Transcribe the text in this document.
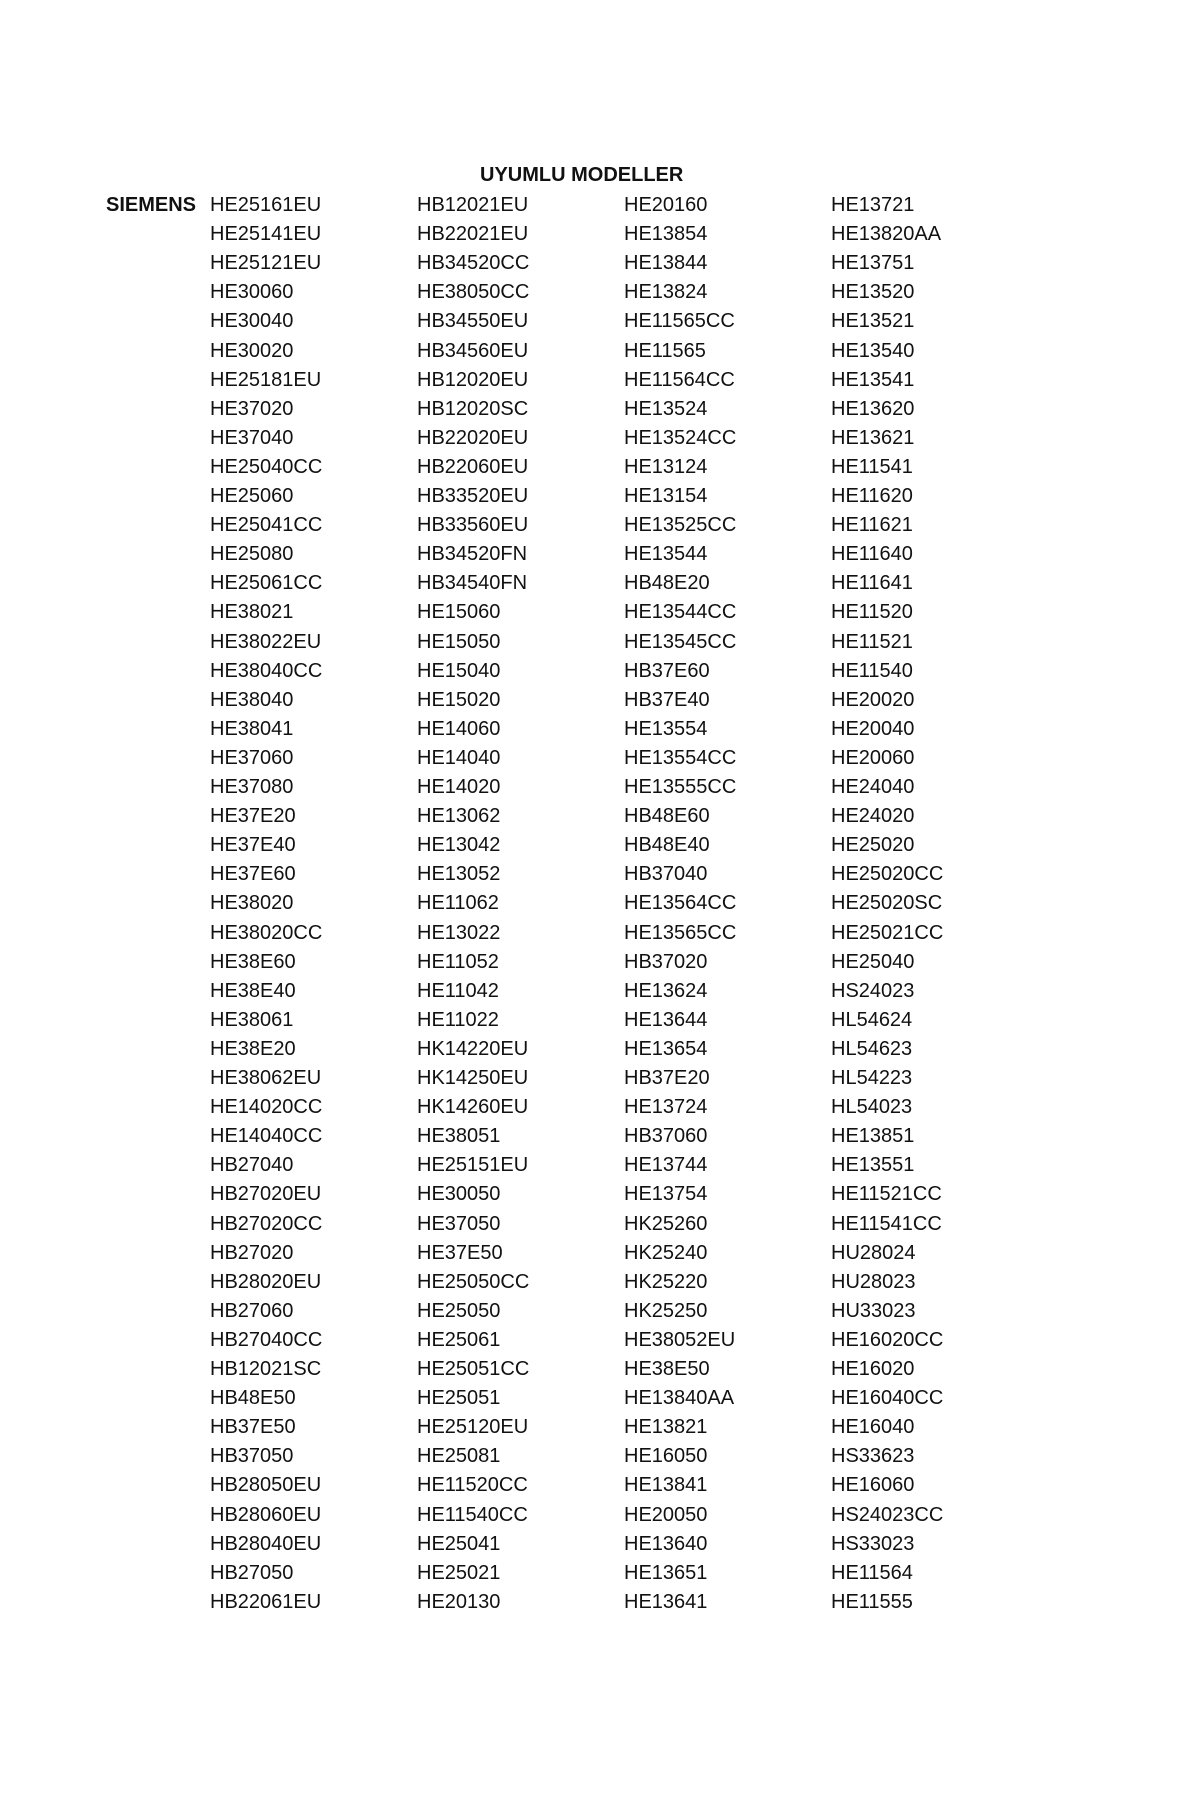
UYUMLU MODELLER
SIEMENS HE25161EU
HE25141EU
HE25121EU
HE30060
HE30040
HE30020
HE25181EU
HE37020
HE37040
HE25040CC
HE25060
HE25041CC
HE25080
HE25061CC
HE38021
HE38022EU
HE38040CC
HE38040
HE38041
HE37060
HE37080
HE37E20
HE37E40
HE37E60
HE38020
HE38020CC
HE38E60
HE38E40
HE38061
HE38E20
HE38062EU
HE14020CC
HE14040CC
HB27040
HB27020EU
HB27020CC
HB27020
HB28020EU
HB27060
HB27040CC
HB12021SC
HB48E50
HB37E50
HB37050
HB28050EU
HB28060EU
HB28040EU
HB27050
HB22061EU
HB12021EU
HB22021EU
HB34520CC
HE38050CC
HB34550EU
HB34560EU
HB12020EU
HB12020SC
HB22020EU
HB22060EU
HB33520EU
HB33560EU
HB34520FN
HB34540FN
HE15060
HE15050
HE15040
HE15020
HE14060
HE14040
HE14020
HE13062
HE13042
HE13052
HE11062
HE13022
HE11052
HE11042
HE11022
HK14220EU
HK14250EU
HK14260EU
HE38051
HE25151EU
HE30050
HE37050
HE37E50
HE25050CC
HE25050
HE25061
HE25051CC
HE25051
HE25120EU
HE25081
HE11520CC
HE11540CC
HE25041
HE25021
HE20130
HE20160
HE13854
HE13844
HE13824
HE11565CC
HE11565
HE11564CC
HE13524
HE13524CC
HE13124
HE13154
HE13525CC
HE13544
HB48E20
HE13544CC
HE13545CC
HB37E60
HB37E40
HE13554
HE13554CC
HE13555CC
HB48E60
HB48E40
HB37040
HE13564CC
HE13565CC
HB37020
HE13624
HE13644
HE13654
HB37E20
HE13724
HB37060
HE13744
HE13754
HK25260
HK25240
HK25220
HK25250
HE38052EU
HE38E50
HE13840AA
HE13821
HE16050
HE13841
HE20050
HE13640
HE13651
HE13641
HE13721
HE13820AA
HE13751
HE13520
HE13521
HE13540
HE13541
HE13620
HE13621
HE11541
HE11620
HE11621
HE11640
HE11641
HE11520
HE11521
HE11540
HE20020
HE20040
HE20060
HE24040
HE24020
HE25020
HE25020CC
HE25020SC
HE25021CC
HE25040
HS24023
HL54624
HL54623
HL54223
HL54023
HE13851
HE13551
HE11521CC
HE11541CC
HU28024
HU28023
HU33023
HE16020CC
HE16020
HE16040CC
HE16040
HS33623
HE16060
HS24023CC
HS33023
HE11564
HE11555
